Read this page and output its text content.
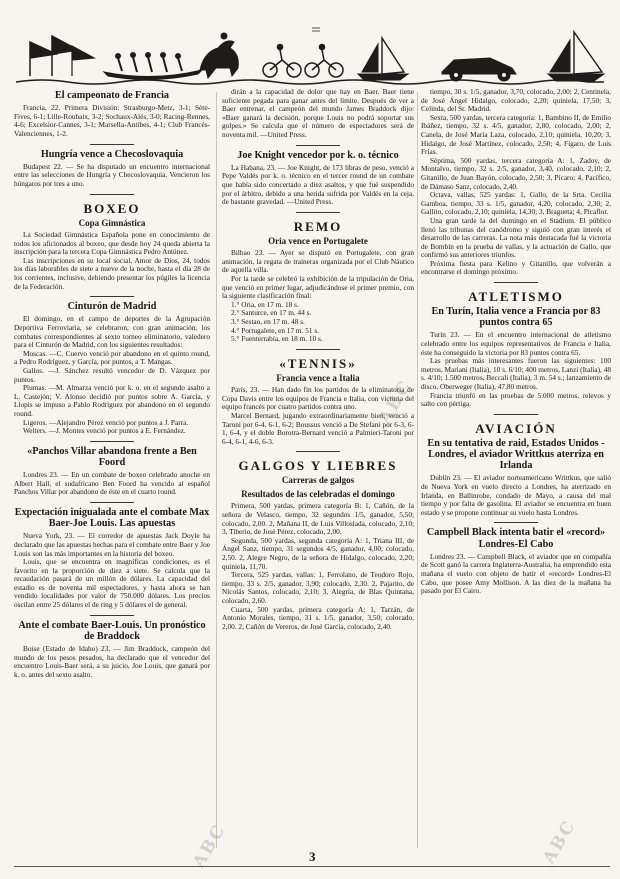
El campeonato de Francia
Francia, 22. Primera División: Strasburgo-Metz, 3-1; Sète-Fives, 6-1; Lille-Roubaix, 3-2; Sochaux-Alés, 3-0; Racing-Rennes, 4-6; Excelsior-Cannes, 3-1; Marsella-Antibes, 4-1; Club Francés-Valenciennes, 1-2.
Hungría vence a Checoslovaquia
Budapest 22. — Se ha disputado un encuentro internacional entre las selecciones de Hungría y Checoslovaquia. Vencieron los húngaros por tres a uno.
BOXEO
Copa Gimnástica
La Sociedad Gimnástica Española pone en conocimiento de todos los aficionados al boxeo, que desde hoy 24 queda abierta la inscripción para la tercera Copa Gimnástica Pedro Antúnez.
Las inscripciones en su local social, Amor de Dios, 24, todos los días laborables de siete a nueve de la noche, hasta el día 28 de los corrientes, inclusive, debiendo presentar los púgiles la licencia de la Federación.
Cinturón de Madrid
El domingo, en el campo de deportes de la Agrupación Deportiva Ferroviaria, se celebraron, con gran animación, los combates correspondientes al sexto torneo eliminatorio, valedero para el Cinturón de Madrid, con los siguientes resultados:
Moscas. —C. Cuervo venció por abandono en el quinto round, a Pedro Rodríguez, y García, por puntos, a T. Mangas.
Gallos. —J. Sánchez resultó vencedor de D. Vázquez por puntos.
Plumas. —M. Almarza venció por k. o. en el segundo asalto a L. Castejón; V. Alonso decidió por puntos sobre A. García, y Llopis se impuso a Pablo Rodríguez por abandono en el segundo round.
Ligeros. —Alejandro Pérez venció por puntos a J. Parra.
Welters. —J. Montes venció por puntos a E. Fernández.
«Panchos Villar abandona frente a Ben Foord
Londres 23. — En un combate de boxeo celebrado anoche en Albert Hall, el sudafricano Ben Foord ha vencido al español Panchos Villar por abandono de éste en el cuarto round.
Expectación inigualada ante el combate Max Baer-Joe Louis. Las apuestas
Nueva York, 23. — El corredor de apuestas Jack Doyle ha declarado que las apuestas hechas para el combate entre Baer y Joe Louis son las más importantes en la historia del boxeo.
Louis, que se encuentra en magníficas condiciones, es el favorito en la proporción de diez a siete. Se calcula que la recaudación pasará de un millón de dólares. La capacidad del estadio es de noventa mil espectadores, y hasta ahora se han vendido localidades por valor de 750.000 dólares. Los precios oscilan entre 25 dólares el de ring y 5 dólares el de general.
Ante el combate Baer-Louis. Un pronóstico de Braddock
Boise (Estado de Idaho) 23. — Jim Braddock, campeón del mundo de los pesos pesados, ha declarado que el vencedor del encuentro Louis-Baer será, a su juicio, Joe Louis, que ganará por k. o. antes del sexto asalto.
dirán a la capacidad de dolor que hay en Baer. Baer tiene suficiente pegada para ganar antes del límite. Después de ver a Baer entrenar, el campeón del mundo James Braddock dijo: «Baer ganará la decisión, porque Louis no podrá soportar sus golpes.» Se calcula que el número de espectadores será de noventa mil. —United Press.
Joe Knight vencedor por k. o. técnico
La Habana, 23. — Joe Knight, de 173 libras de peso, venció a Pepe Valdés por k. o. técnico en el tercer round de un combate que había sido concertado a diez asaltos, y que fué suspendido por el árbitro, debido a una herida sufrida por Valdés en la ceja, de bastante gravedad. —United Press.
REMO
Oria vence en Portugalete
Bilbao 23. — Ayer se disputó en Portugalete, con gran animación, la regata de traineras organizada por el Club Náutico de aquella villa.
Por la tarde se celebró la exhibición de la tripulación de Oria, que venció en primer lugar, adjudicándose el primer premio, con la siguiente clasificación final:
1.° Oria, en 17 m. 18 s.
2.° Santurce, en 17 m. 44 s.
3.° Sestao, en 17 m. 48 s.
4.° Portugalete, en 17 m. 51 s.
5.° Fuenterrabía, en 18 m. 10 s.
«TENNIS»
Francia vence a Italia
París, 23. — Han dado fin los partidos de la eliminatoria de Copa Davis entre los equipos de Francia e Italia, con victoria del equipo francés por cuatro partidos contra uno.
Marcel Bernard, jugando extraordinariamente bien, venció a Taroni por 6-4, 6-1, 6-2; Boussus venció a De Stefani por 6-3, 6-1, 6-4, y el doble Borotra-Bernard venció a Palmieri-Taroni por 6-4, 6-1, 4-6, 6-3.
GALGOS Y LIEBRES
Carreras de galgos
Resultados de las celebradas el domingo
Primera, 500 yardas, primera categoría B: 1, Cañón, de la señora de Velasco, tiempo, 32 segundos 1/5, ganador, 5,50; colocado, 2,00. 2, Mañana II, de Luis Villoslada, colocado, 2,10; 3, Tiberio, de José Pérez, colocado, 2,00.
Segunda, 500 yardas, segunda categoría A: 1, Triana III, de Ángel Sanz, tiempo, 31 segundos 4/5, ganador, 4,00; colocado, 2,50. 2, Alegre Negro, de la señora de Hidalgo, colocado, 2,20; quiniela, 11,70.
Tercera, 525 yardas, vallas: 1, Ferrolano, de Teodoro Rojo, tiempo, 33 s. 2/5, ganador, 3,90; colocado, 2,30. 2, Pajarito, de Nicolás Santos, colocado, 2,10; 3, Alegría, de Blas Quintana, colocado, 2,60.
Cuarta, 500 yardas, primera categoría A: 1, Tarzán, de Antonio Morales, tiempo, 31 s. 1/5, ganador, 3,50; colocado, 2,00. 2, Cañón de Vereros, de José García, colocado, 2,40.
tiempo, 30 s. 1/5, ganador, 3,70, colocado, 2,00; 2, Centinela, de José Ángel Hidalgo, colocado, 2,20; quiniela, 17,50; 3, Celinda, del Sr. Madrid.
Sexta, 500 yardas, tercera categoría: 1, Bambino II, de Emilio Ibáñez, tiempo, 32 s. 4/5, ganador, 2,80, colocado, 2,00; 2, Canela, de José María Laza, colocado, 2,10; quiniela, 10,20; 3, Hidalgo, de José Martínez, colocado, 2,50; 4, Fígaro, de Luis Frías.
Séptima, 500 yardas, tercera categoría A: 1, Zadoy, de Montalvo, tiempo, 32 s. 2/5, ganador, 3,40, colocado, 2,10; 2, Gitanillo, de Juan Bayón, colocado, 2,50; 3, Pícaro; 4, Pacífico, de Dámaso Sanz, colocado, 2,40.
Octava, vallas, 525 yardas: 1, Gallo, de la Srta. Cecilia Gamboa, tiempo, 33 s. 1/5, ganador, 4,20, colocado, 2,30; 2, Gallito, colocado, 2,10; quiniela, 14,30; 3, Bragueta; 4, Picaflor.
Una gran tarde la del domingo en el Stadium. El público llenó las tribunas del canódromo y siguió con gran interés el desarrollo de las carreras. La nota más destacada fué la victoria de Bombín en la prueba de vallas, y la actuación de Gallo, que confirmó sus anteriores triunfos.
Próxima fiesta para Kelino y Gitanillo, que volverán a encontrarse el domingo próximo.
ATLETISMO
En Turín, Italia vence a Francia por 83 puntos contra 65
Turín 23. — En el encuentro internacional de atletismo celebrado entre los equipos representativos de Francia e Italia, éste ha conseguido la victoria por 83 puntos contra 65.
Las pruebas más interesantes fueron las siguientes: 100 metros, Mariani (Italia), 10 s. 6/10; 400 metros, Lanzi (Italia), 48 s. 4/10; 1.500 metros, Beccali (Italia), 3 m. 54 s.; lanzamiento de disco, Oberweger (Italia), 47,80 metros.
Francia triunfó en las pruebas de 5.000 metros, relevos y salto con pértiga.
AVIACIÓN
En su tentativa de raid, Estados Unidos - Londres, el aviador Writtkus aterriza en Irlanda
Dublín 23. — El aviador norteamericano Writtkus, que salió de Nueva York en vuelo directo a Londres, ha aterrizado en Irlanda, en Ballinrobe, condado de Mayo, a causa del mal tiempo y por falta de gasolina. El aviador se encuentra en buen estado y se propone continuar su vuelo hasta Londres.
Campbell Black intenta batir el «record» Londres-El Cabo
Londres 23. — Campbell Black, el aviador que en compañía de Scott ganó la carrera Inglaterra-Australia, ha emprendido esta mañana el vuelo con objeto de batir el «record» Londres-El Cabo, que posee Amy Mollison. A las diez de la mañana ha pasado por El Cairo.
ABC
ABC	ABC
3
